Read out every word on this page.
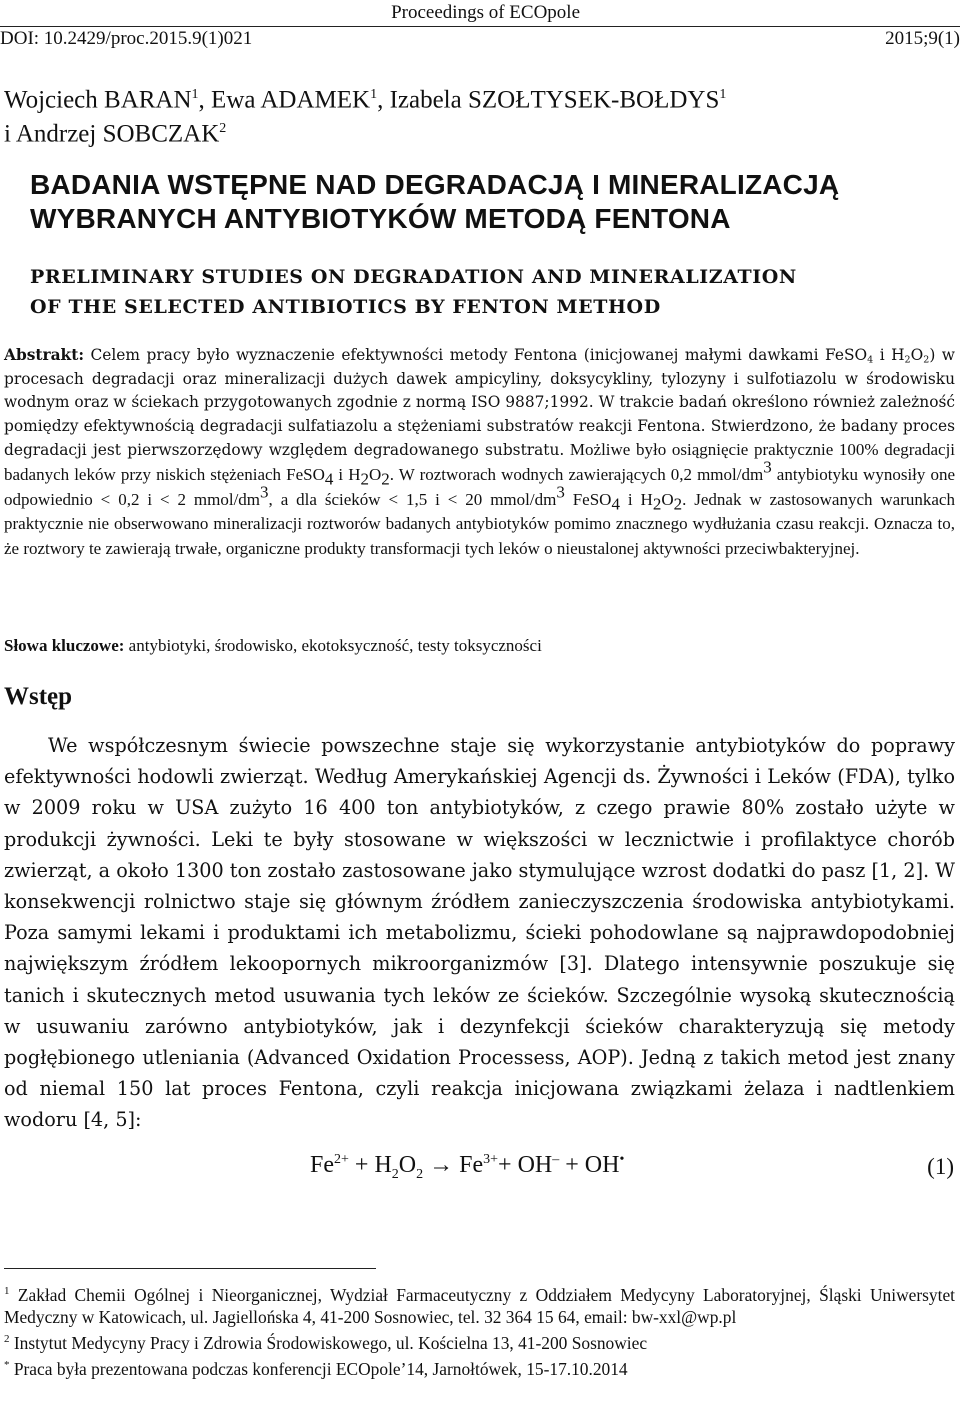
Proceedings of ECOpole
DOI: 10.2429/proc.2015.9(1)021	2015;9(1)
Wojciech BARAN$^1$, Ewa ADAMEK$^1$, Izabela SZOŁTYSEK-BOŁDYS$^1$
i Andrzej SOBCZAK$^2$
BADANIA WSTĘPNE NAD DEGRADACJĄ I MINERALIZACJĄ
WYBRANYCH ANTYBIOTYKÓW METODĄ FENTONA
PRELIMINARY STUDIES ON DEGRADATION AND MINERALIZATION
OF THE SELECTED ANTIBIOTICS BY FENTON METHOD
Abstrakt: Celem pracy było wyznaczenie efektywności metody Fentona (inicjowanej małymi dawkami FeSO$_4$ i $H_2O_2$) w procesach degradacji oraz mineralizacji dużych dawek ampicyliny, doksycykliny, tylozyny i sulfotiazolu w środowisku wodnym oraz w ściekach przygotowanych zgodnie z normą ISO 9887;1992. W trakcie badań określono również zależność pomiędzy efektywnością degradacji sulfatiazolu a stężeniami substratów reakcji Fentona. Stwierdzono, że badany proces degradacji jest pierwszorzędowy względem degradowanego substratu. Możliwe było osiągnięcie praktycznie 100% degradacji badanych leków przy niskich stężeniach FeSO4 i H2O2. W roztworach wodnych zawierających 0,2 mmol/dm3 antybiotyku wynosiły one odpowiednio < 0,2 i < 2 mmol/dm3, a dla ścieków < 1,5 i < 20 mmol/dm3 FeSO4 i H2O2. Jednak w zastosowanych warunkach praktycznie nie obserwowano mineralizacji roztworów badanych antybiotyków pomimo znacznego wydłużania czasu reakcji. Oznacza to, że roztwory te zawierają trwałe, organiczne produkty transformacji tych leków o nieustalonej aktywności przeciwbakteryjnej.
Słowa kluczowe: antybiotyki, środowisko, ekotoksyczność, testy toksyczności
Wstęp
We współczesnym świecie powszechne staje się wykorzystanie antybiotyków do poprawy efektywności hodowli zwierząt. Według Amerykańskiej Agencji ds. Żywności i Leków (FDA), tylko w 2009 roku w USA zużyto 16 400 ton antybiotyków, z czego prawie 80% zostało użyte w produkcji żywności. Leki te były stosowane w większości w lecznictwie i profilaktyce chorób zwierząt, a około 1300 ton zostało zastosowane jako stymulujące wzrost dodatki do pasz [1, 2]. W konsekwencji rolnictwo staje się głównym źródłem zanieczyszczenia środowiska antybiotykami. Poza samymi lekami i produktami ich metabolizmu, ścieki pohodowlane są najprawdopodobniej największym źródłem lekoopornych mikroorganizmów [3]. Dlatego intensywnie poszukuje się tanich i skutecznych metod usuwania tych leków ze ścieków. Szczególnie wysoką skutecznością w usuwaniu zarówno antybiotyków, jak i dezynfekcji ścieków charakteryzują się metody pogłębionego utleniania (Advanced Oxidation Processess, AOP). Jedną z takich metod jest znany od niemal 150 lat proces Fentona, czyli reakcja inicjowana związkami żelaza i nadtlenkiem wodoru [4, 5]:
$Fe^{2+} + H_2O_2 \to Fe^{3+}+ OH^- + OH^•$	(1)

$^1$ Zakład Chemii Ogólnej i Nieorganicznej, Wydział Farmaceutyczny z Oddziałem Medycyny Laboratoryjnej, Śląski Uniwersytet Medyczny w Katowicach, ul. Jagiellońska 4, 41-200 Sosnowiec, tel. 32 364 15 64, email: bw-xxl@wp.pl

$^2$ Instytut Medycyny Pracy i Zdrowia Środowiskowego, ul. Kościelna 13, 41-200 Sosnowiec

* Praca była prezentowana podczas konferencji ECOpole’14, Jarnołtówek, 15-17.10.2014
